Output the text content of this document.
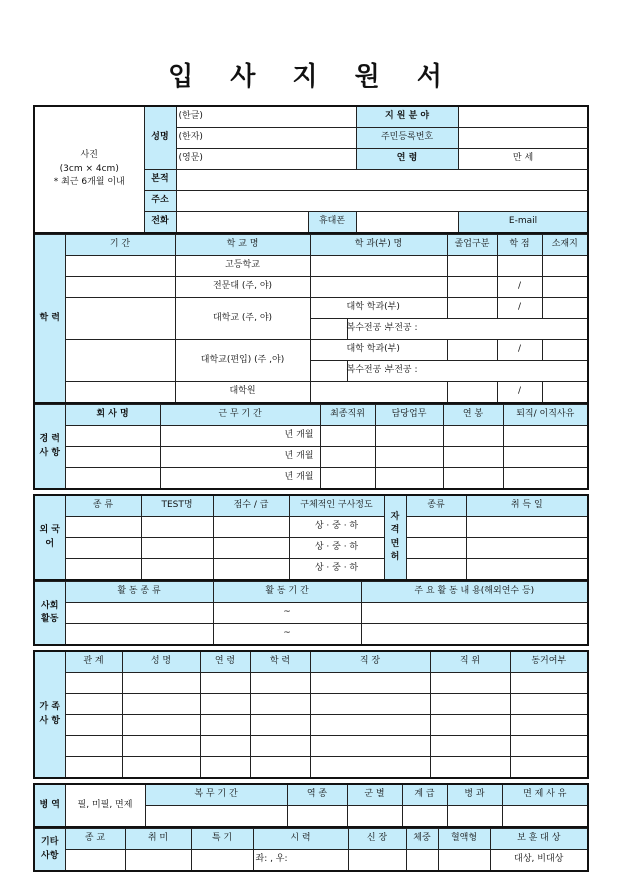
입 사 지 원 서
사진
(3cm × 4cm)
* 최근 6개월 이내	성명	(한글)		지 원 분 야		
		(한자)		주민등록번호		
		(영문)		연 령	만 세	
	본적					
	주소					
	전화		휴대폰		E-mail	
학 력	기 간	학 교 명	학 과(부) 명		졸업구분	학 점	소재지
		고등학교					
		전문대 (주, 야)				/	
		대학교 (주, 야)	대학 학과(부)			/	
			복수전공 :	부전공 :			
		대학교(편입) (주 ,야)	대학 학과(부)			/	
			복수전공 :	부전공 :			
		대학원				/	
경 력 사 항	회 사 명	근 무 기 간	최종직위	담당업무	연 봉	퇴직/ 이직사유
		년 개월				
		년 개월				
		년 개월				
외 국 어	종 류	TEST명	점수 / 급	구체적인 구사정도	자 격 면 허	종류	취 득 일
				상 · 중 · 하			
				상 · 중 · 하			
				상 · 중 · 하			
사회 활동	활 동 종 류	활 동 기 간	주 요 활 동 내 용(해외연수 등)
		~	
		~	
가 족 사 항	관 계	성 명	연 령	학 력	직 장	직 위	동거여부

병 역	필, 미필, 면제	복 무 기 간	역 종	군 별	계 급	병 과	면 제 사 유

기타 사항	종 교	취 미	특 기	시 력	신 장	체중	혈액형	보 훈 대 상
				좌: , 우:				대상, 비대상
